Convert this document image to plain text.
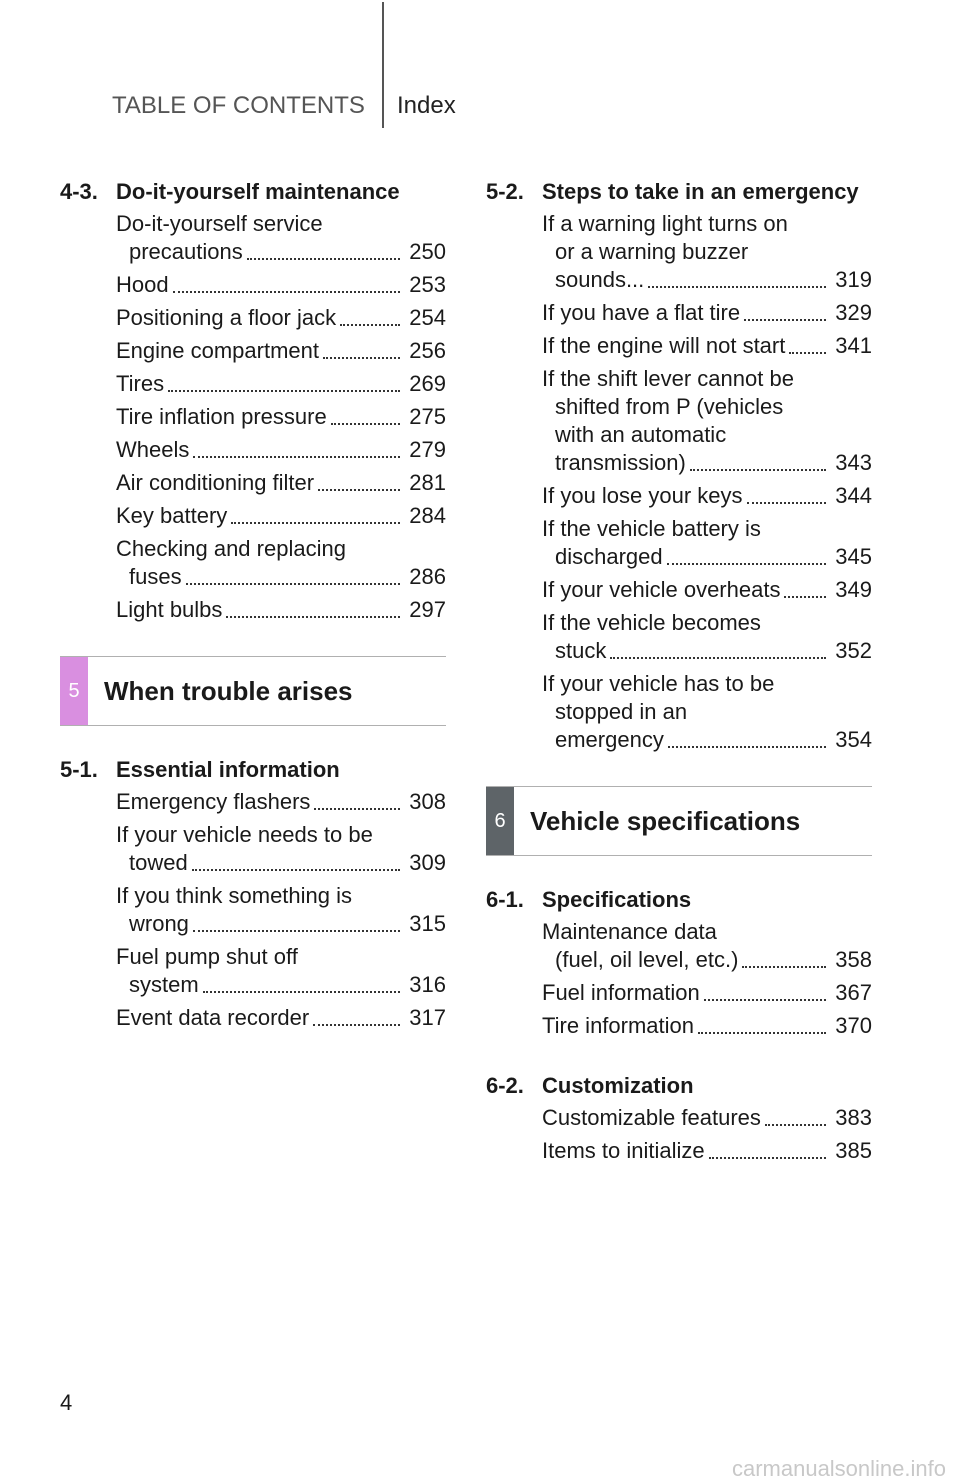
TABLE OF CONTENTS Index
4-3. Do-it-yourself maintenance
Do-it-yourself service
precautions	250
Hood	253
Positioning a floor jack	254
Engine compartment	256
Tires	269
Tire inflation pressure	275
Wheels	279
Air conditioning filter	281
Key battery	284
Checking and replacing
fuses	286
Light bulbs	297
5 When trouble arises
5-1. Essential information
Emergency flashers	308
If your vehicle needs to be
towed	309
If you think something is
wrong	315
Fuel pump shut off
system	316
Event data recorder	317
5-2. Steps to take in an emergency
If a warning light turns on
or a warning buzzer
sounds...	319
If you have a flat tire	329
If the engine will not start	341
If the shift lever cannot be
shifted from P (vehicles
with an automatic
transmission)	343
If you lose your keys	344
If the vehicle battery is
discharged	345
If your vehicle overheats	349
If the vehicle becomes
stuck	352
If your vehicle has to be
stopped in an
emergency	354
6 Vehicle specifications
6-1. Specifications
Maintenance data
(fuel, oil level, etc.)	358
Fuel information	367
Tire information	370
6-2. Customization
Customizable features	383
Items to initialize	385
4
carmanualsonline.info
